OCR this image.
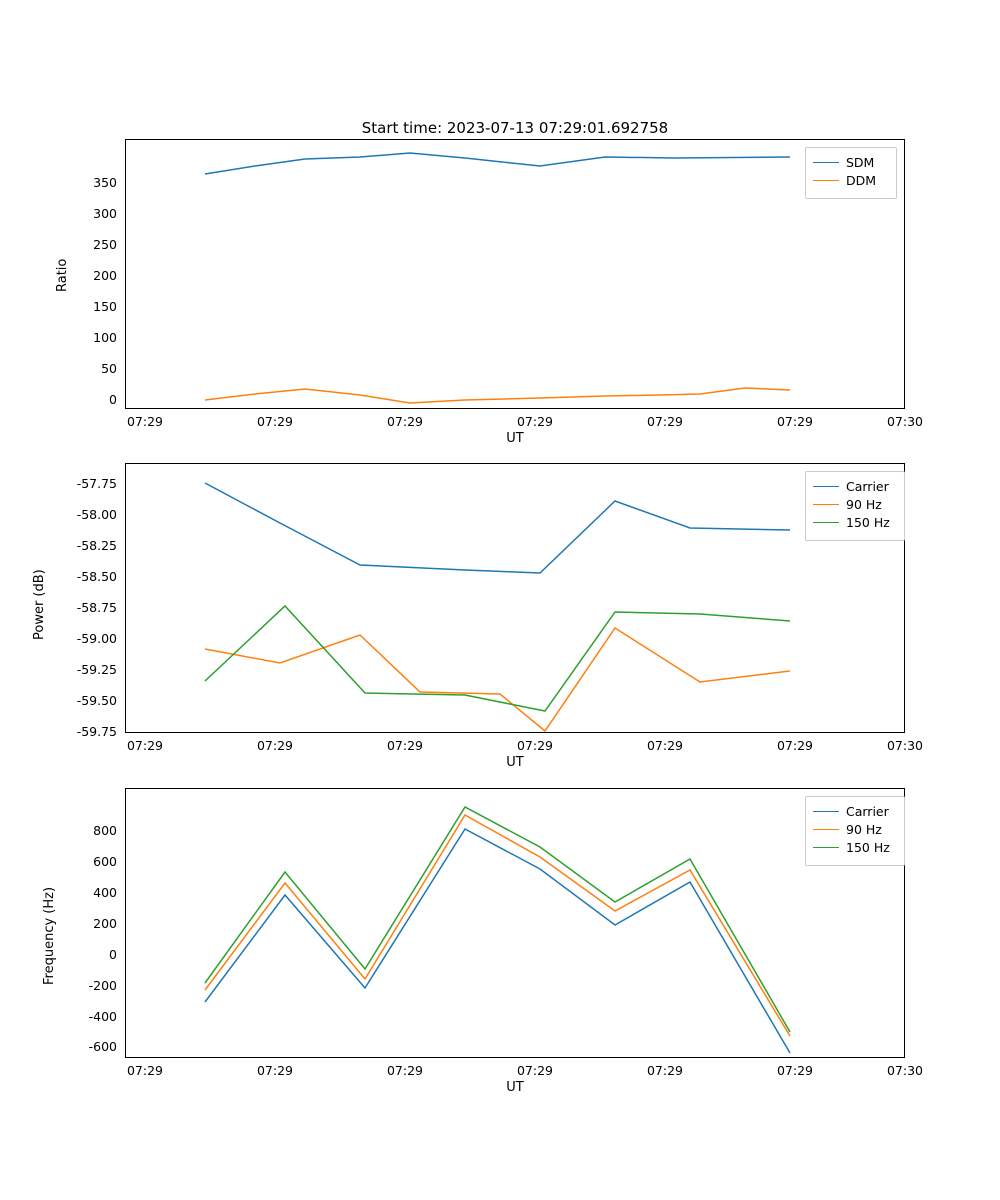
Start time: 2023-07-13 07:29:01.692758
0
50
100
150
200
250
300
350
07:29	07:29	07:29	07:29	07:29	07:29	07:30
UT
Ratio
SDM
DDM
-59.75
-59.50
-59.25
-59.00
-58.75
-58.50
-58.25
-58.00
-57.75
07:29	07:29	07:29	07:29	07:29	07:29	07:30
UT
Power (dB)
Carrier
90 Hz
150 Hz
-600
-400
-200
0
200
400
600
800
07:29	07:29	07:29	07:29	07:29	07:29	07:30
UT
Frequency (Hz)
Carrier
90 Hz
150 Hz
